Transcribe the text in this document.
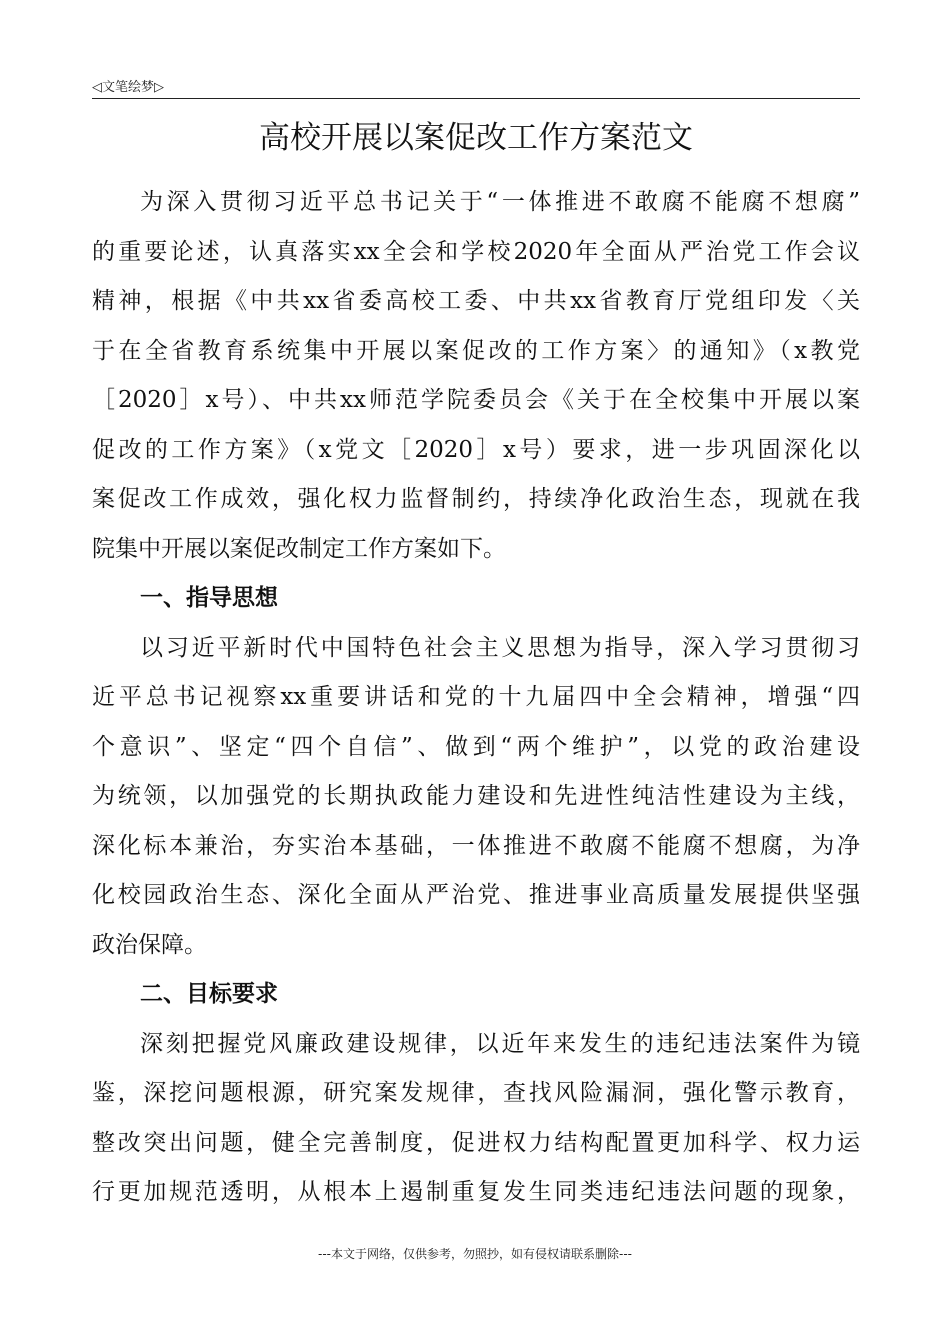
◁文笔绘梦▷
高校开展以案促改工作方案范文
为深入贯彻习近平总书记关于“一体推进不敢腐不能腐不想腐”
的重要论述，认真落实xx全会和学校2020年全面从严治党工作会议
精神，根据《中共xx省委高校工委、中共xx省教育厅党组印发〈关
于在全省教育系统集中开展以案促改的工作方案〉的通知》（x教党
［2020］x号）、中共xx师范学院委员会《关于在全校集中开展以案
促改的工作方案》（x党文［2020］x号）要求，进一步巩固深化以
案促改工作成效，强化权力监督制约，持续净化政治生态，现就在我
院集中开展以案促改制定工作方案如下。
一、指导思想
以习近平新时代中国特色社会主义思想为指导，深入学习贯彻习
近平总书记视察xx重要讲话和党的十九届四中全会精神，增强“四
个意识”、坚定“四个自信”、做到“两个维护”，以党的政治建设
为统领，以加强党的长期执政能力建设和先进性纯洁性建设为主线，
深化标本兼治，夯实治本基础，一体推进不敢腐不能腐不想腐，为净
化校园政治生态、深化全面从严治党、推进事业高质量发展提供坚强
政治保障。
二、目标要求
深刻把握党风廉政建设规律，以近年来发生的违纪违法案件为镜
鉴，深挖问题根源，研究案发规律，查找风险漏洞，强化警示教育，
整改突出问题，健全完善制度，促进权力结构配置更加科学、权力运
行更加规范透明，从根本上遏制重复发生同类违纪违法问题的现象，
---本文于网络，仅供参考，勿照抄，如有侵权请联系删除---
